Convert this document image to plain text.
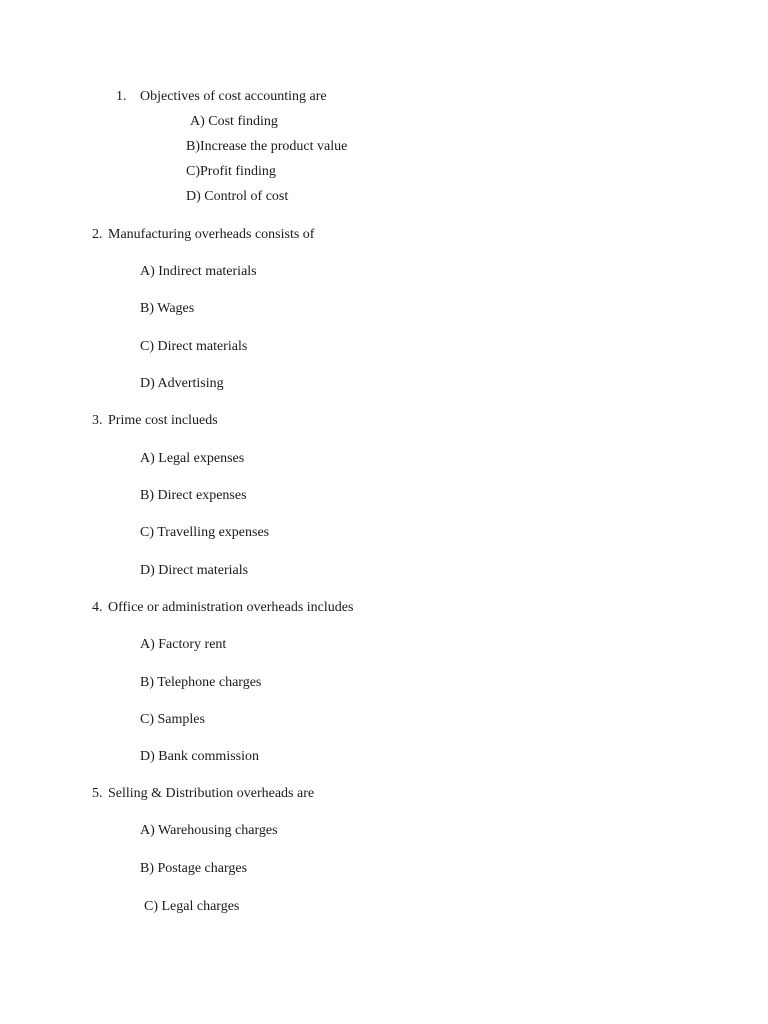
1. Objectives of cost accounting are
A) Cost finding
B)Increase the product value
C)Profit finding
D) Control of cost
2. Manufacturing overheads consists of
A) Indirect materials
B) Wages
C) Direct materials
D) Advertising
3. Prime cost inclueds
A) Legal expenses
B) Direct expenses
C) Travelling expenses
D) Direct materials
4. Office or administration overheads includes
A) Factory rent
B) Telephone charges
C) Samples
D) Bank commission
5. Selling & Distribution overheads are
A) Warehousing charges
B) Postage charges
C) Legal charges
